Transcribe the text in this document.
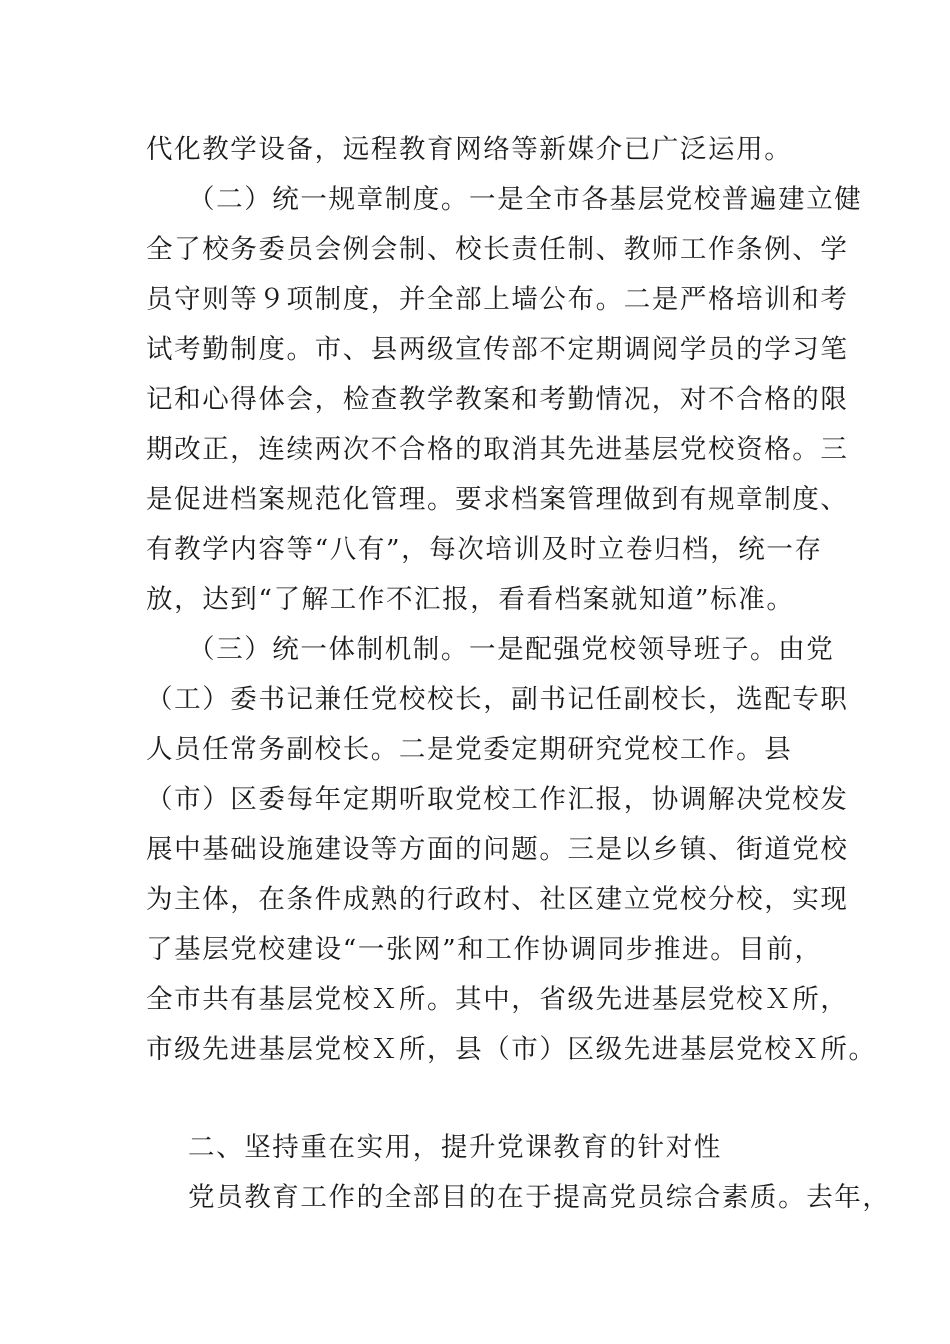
代化教学设备，远程教育网络等新媒介已广泛运用。
（二）统一规章制度。一是全市各基层党校普遍建立健
全了校务委员会例会制、校长责任制、教师工作条例、学
员守则等９项制度，并全部上墙公布。二是严格培训和考
试考勤制度。市、县两级宣传部不定期调阅学员的学习笔
记和心得体会，检查教学教案和考勤情况，对不合格的限
期改正，连续两次不合格的取消其先进基层党校资格。三
是促进档案规范化管理。要求档案管理做到有规章制度、
有教学内容等“八有”，每次培训及时立卷归档，统一存
放，达到“了解工作不汇报，看看档案就知道”标准。
（三）统一体制机制。一是配强党校领导班子。由党
（工）委书记兼任党校校长，副书记任副校长，选配专职
人员任常务副校长。二是党委定期研究党校工作。县
（市）区委每年定期听取党校工作汇报，协调解决党校发
展中基础设施建设等方面的问题。三是以乡镇、街道党校
为主体，在条件成熟的行政村、社区建立党校分校，实现
了基层党校建设“一张网”和工作协调同步推进。目前，
全市共有基层党校Ｘ所。其中，省级先进基层党校Ｘ所，
市级先进基层党校Ｘ所，县（市）区级先进基层党校Ｘ所。
二、坚持重在实用，提升党课教育的针对性
党员教育工作的全部目的在于提高党员综合素质。去年，
